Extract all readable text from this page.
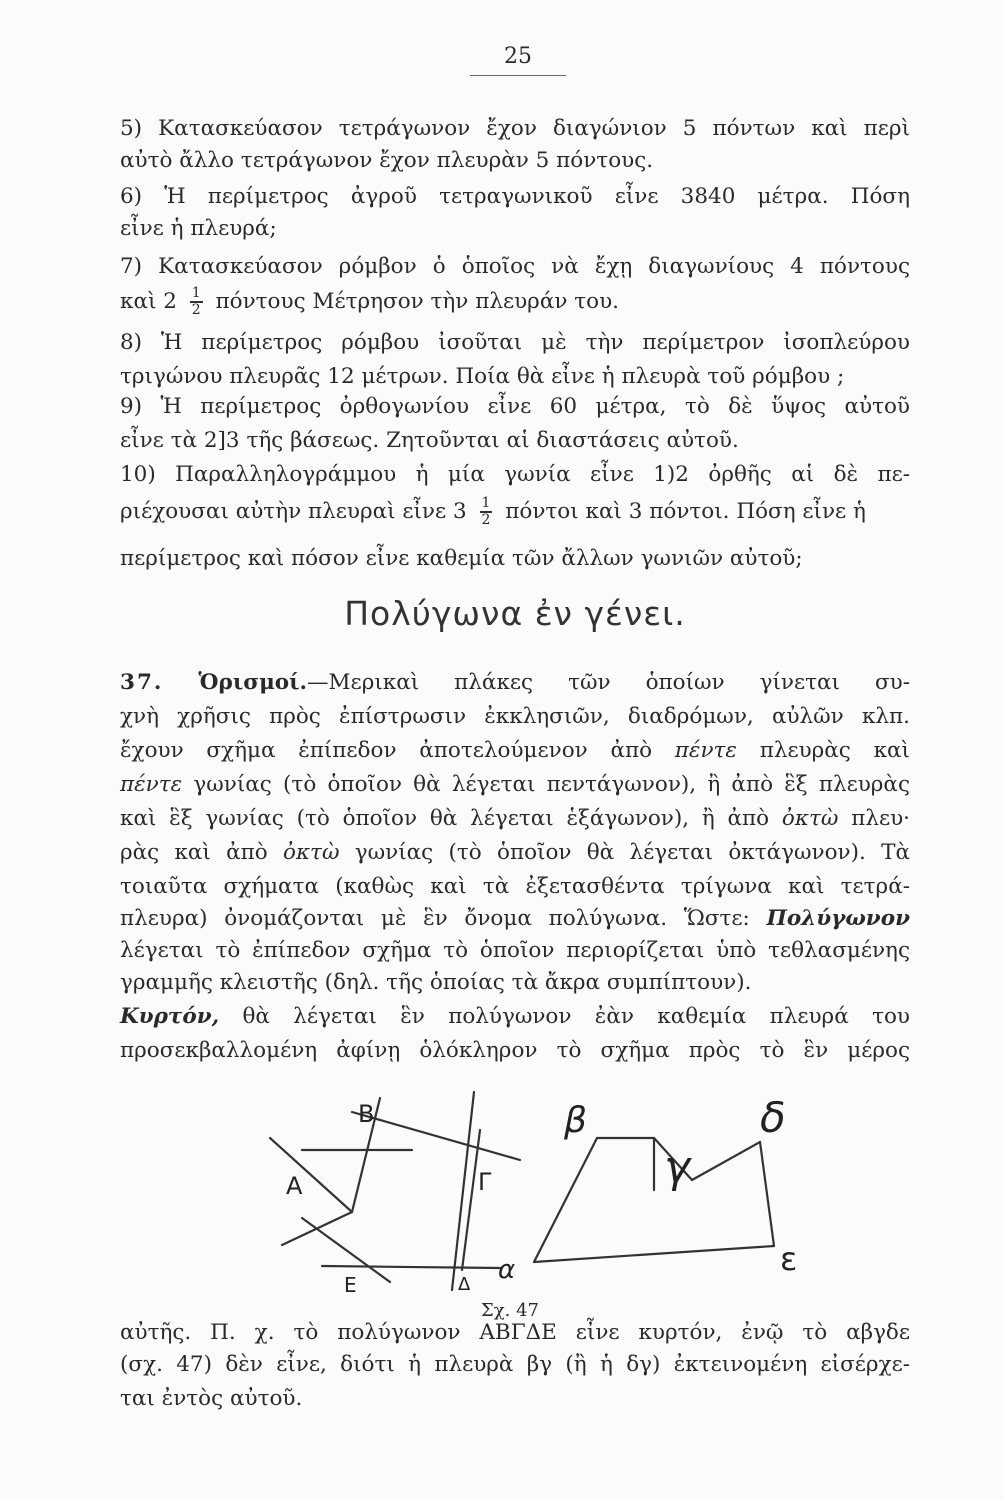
25
5) Κατασκεύασον τετράγωνον ἔχον διαγώνιον 5 πόντων καὶ περὶ
αὐτὸ ἄλλο τετράγωνον ἔχον πλευρὰν 5 πόντους.
6) Ἡ περίμετρος ἀγροῦ τετραγωνικοῦ εἶνε 3840 μέτρα. Πόση
εἶνε ἡ πλευρά;
7) Κατασκεύασον ρόμβον ὁ ὁποῖος νὰ ἔχῃ διαγωνίους 4 πόντους
καὶ $2 \frac{1}{2}$ πόντους Μέτρησον τὴν πλευράν του.
8) Ἡ περίμετρος ρόμβου ἰσοῦται μὲ τὴν περίμετρον ἰσοπλεύρου
τριγώνου πλευρᾶς 12 μέτρων. Ποία θὰ εἶνε ἡ πλευρὰ τοῦ ρόμβου ;
9) Ἡ περίμετρος ὀρθογωνίου εἶνε 60 μέτρα, τὸ δὲ ὕψος αὐτοῦ
εἶνε τὰ 2]3 τῆς βάσεως. Ζητοῦνται αἱ διαστάσεις αὐτοῦ.
10) Παραλληλογράμμου ἡ μία γωνία εἶνε 1)2 ὀρθῆς αἱ δὲ πε-
ριέχουσαι αὐτὴν πλευραὶ εἶνε $3 \frac{1}{2}$ πόντοι καὶ 3 πόντοι. Πόση εἶνε ἡ
περίμετρος καὶ πόσον εἶνε καθεμία τῶν ἄλλων γωνιῶν αὐτοῦ;
Πολύγωνα ἐν γένει.
37. Ὁρισμοί.—Μερικαὶ πλάκες τῶν ὁποίων γίνεται συ-
χνὴ χρῆσις πρὸς ἐπίστρωσιν ἐκκλησιῶν, διαδρόμων, αὐλῶν κλπ.
ἔχουν σχῆμα ἐπίπεδον ἀποτελούμενον ἀπὸ πέντε πλευρὰς καὶ
πέντε γωνίας (τὸ ὁποῖον θὰ λέγεται πεντάγωνον), ἢ ἀπὸ ἓξ πλευρὰς
καὶ ἓξ γωνίας (τὸ ὁποῖον θὰ λέγεται ἑξάγωνον), ἢ ἀπὸ ὀκτὼ πλευ·
ρὰς καὶ ἀπὸ ὀκτὼ γωνίας (τὸ ὁποῖον θὰ λέγεται ὀκτάγωνον). Τὰ
τοιαῦτα σχήματα (καθὼς καὶ τὰ ἐξετασθέντα τρίγωνα καὶ τετρά-
πλευρα) ὀνομάζονται μὲ ἓν ὄνομα πολύγωνα. Ὥστε: Πολύγωνον
λέγεται τὸ ἐπίπεδον σχῆμα τὸ ὁποῖον περιορίζεται ὑπὸ τεθλασμένης
γραμμῆς κλειστῆς (δηλ. τῆς ὁποίας τὰ ἄκρα συμπίπτουν).
Κυρτόν, θὰ λέγεται ἓν πολύγωνον ἐὰν καθεμία πλευρά του
προσεκβαλλομένη ἀφίνῃ ὁλόκληρον τὸ σχῆμα πρὸς τὸ ἓν μέρος
Β
Α	Γ
Δ
Ε	α
β
γ
δ
ε
Σχ. 47
αὐτῆς. Π. χ. τὸ πολύγωνον ΑΒΓΔΕ εἶνε κυρτόν, ἐνῷ τὸ αβγδε
(σχ. 47) δὲν εἶνε, διότι ἡ πλευρὰ βγ (ἢ ἡ δγ) ἐκτεινομένη εἰσέρχε-
ται ἐντὸς αὐτοῦ.
